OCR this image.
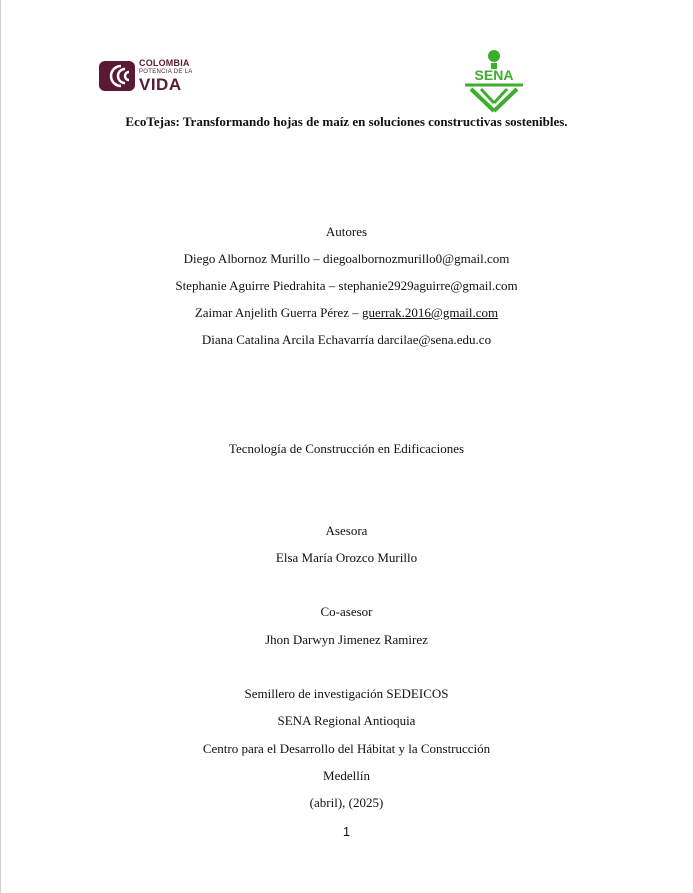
COLOMBIA
POTENCIA DE LA
VIDA	SENA
EcoTejas: Transformando hojas de maíz en soluciones constructivas sostenibles.
Autores
Diego Albornoz Murillo – diegoalbornozmurillo0@gmail.com
Stephanie Aguirre Piedrahita – stephanie2929aguirre@gmail.com
Zaimar Anjelith Guerra Pérez – guerrak.2016@gmail.com
Diana Catalina Arcila Echavarría darcilae@sena.edu.co
Tecnología de Construcción en Edificaciones
Asesora
Elsa María Orozco Murillo
Co-asesor
Jhon Darwyn Jimenez Ramirez
Semillero de investigación SEDEICOS
SENA Regional Antioquia
Centro para el Desarrollo del Hábitat y la Construcción
Medellín
(abril), (2025)
1
